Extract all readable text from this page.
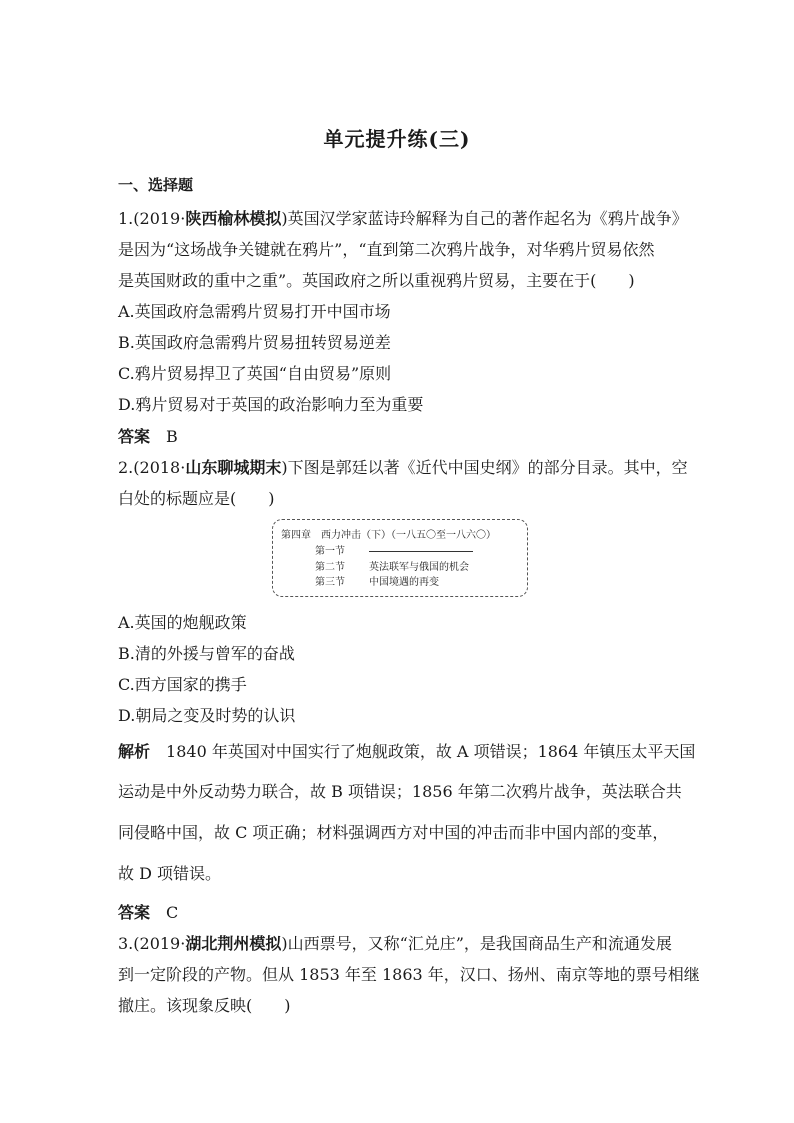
单元提升练(三)
一、选择题
1.(2019·陕西榆林模拟)英国汉学家蓝诗玲解释为自己的著作起名为《鸦片战争》
是因为“这场战争关键就在鸦片”，“直到第二次鸦片战争，对华鸦片贸易依然
是英国财政的重中之重”。英国政府之所以重视鸦片贸易，主要在于(　　)
A.英国政府急需鸦片贸易打开中国市场
B.英国政府急需鸦片贸易扭转贸易逆差
C.鸦片贸易捍卫了英国“自由贸易”原则
D.鸦片贸易对于英国的政治影响力至为重要
答案　 B
2.(2018·山东聊城期末)下图是郭廷以著《近代中国史纲》的部分目录。其中，空
白处的标题应是(　　)
第四章　西力冲击（下）（一八五〇至一八六〇）
第一节
第二节 英法联军与俄国的机会
第三节 中国境遇的再变
A.英国的炮舰政策
B.清的外援与曾军的奋战
C.西方国家的携手
D.朝局之变及时势的认识
解析　 1840 年英国对中国实行了炮舰政策，故 A 项错误；1864 年镇压太平天国
运动是中外反动势力联合，故 B 项错误；1856 年第二次鸦片战争，英法联合共
同侵略中国，故 C 项正确；材料强调西方对中国的冲击而非中国内部的变革，
故 D 项错误。
答案　 C
3.(2019·湖北荆州模拟)山西票号，又称“汇兑庄”，是我国商品生产和流通发展
到一定阶段的产物。但从 1853 年至 1863 年，汉口、扬州、南京等地的票号相继
撤庄。该现象反映(　　)
